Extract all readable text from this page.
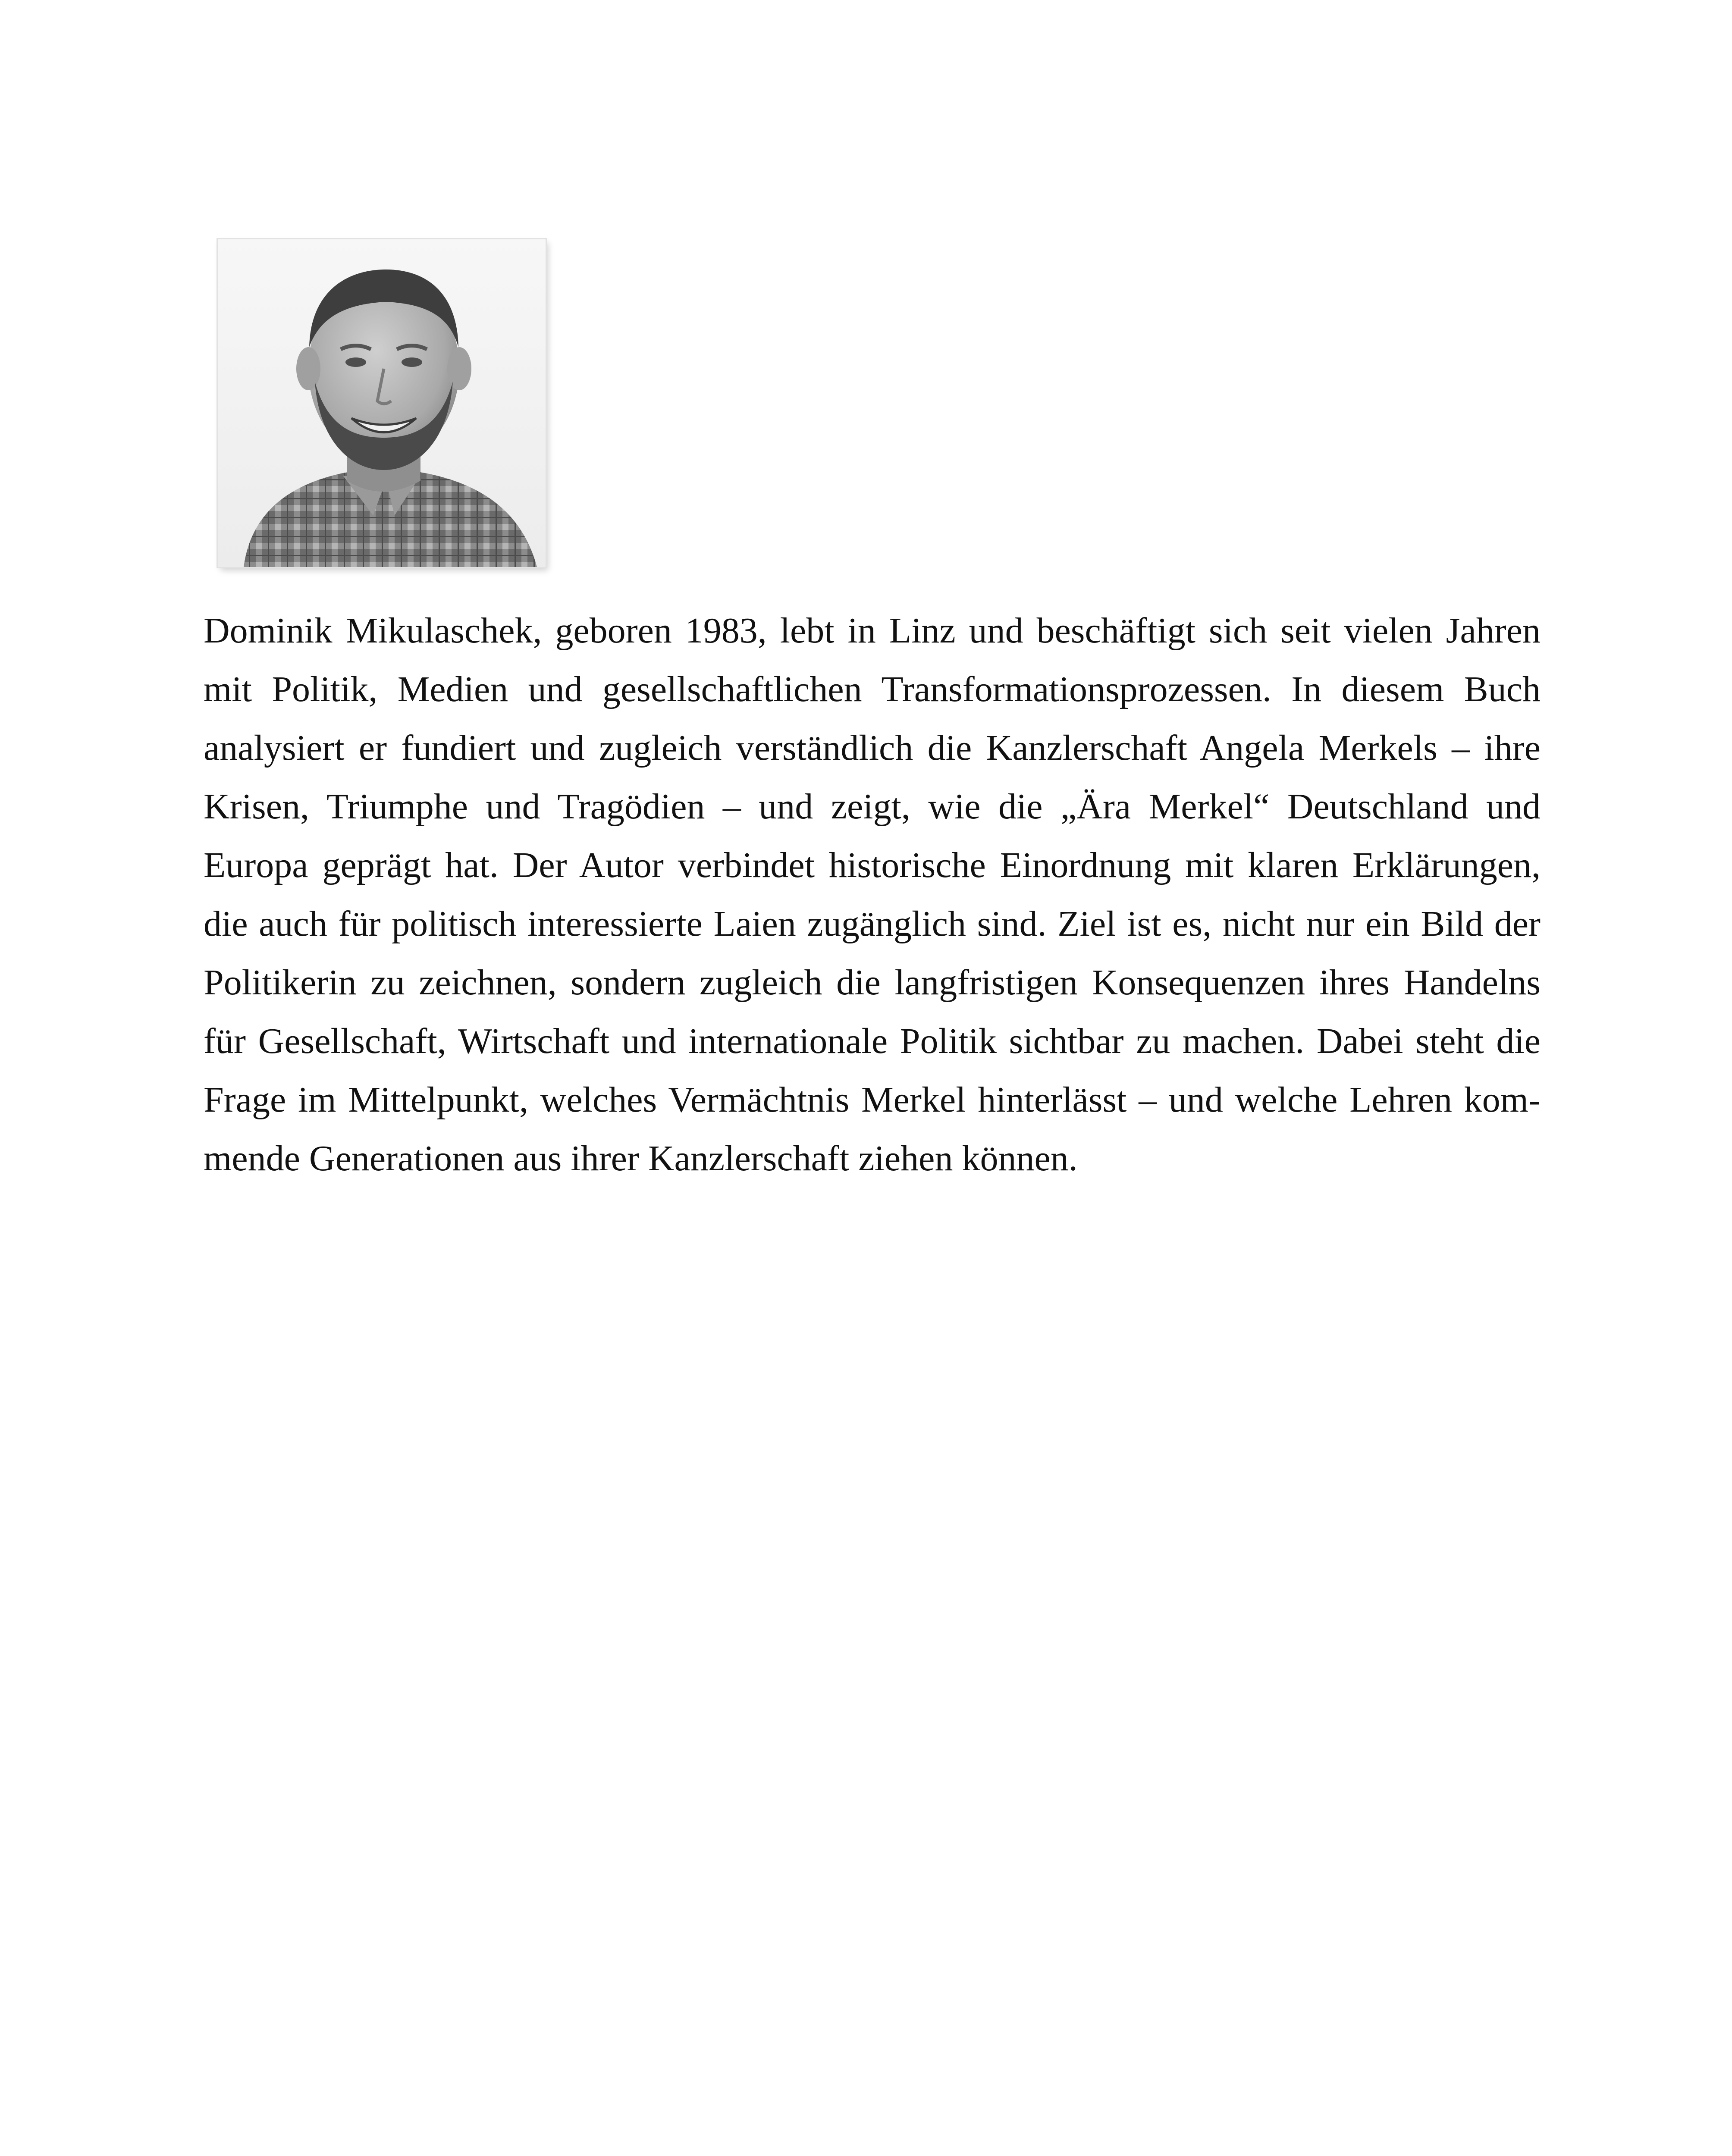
Dominik Mikulaschek, geboren 1983, lebt in Linz und beschäftigt sich seit vielen Jahren mit Politik, Medien und gesellschaftlichen Transformationsprozessen. In diesem Buch analysiert er fundiert und zugleich verständlich die Kanzlerschaft Angela Merkels – ihre Krisen, Triumphe und Tragödien – und zeigt, wie die „Ära Merkel“ Deutschland und Europa geprägt hat. Der Autor verbindet historische Einordnung mit klaren Erklärungen, die auch für politisch interessierte Laien zugänglich sind. Ziel ist es, nicht nur ein Bild der Politikerin zu zeichnen, sondern zugleich die langfristigen Konsequenzen ihres Handelns für Gesellschaft, Wirtschaft und internationale Politik sichtbar zu machen. Dabei steht die Frage im Mittelpunkt, welches Vermächtnis Merkel hinterlässt – und welche Lehren kommende Generationen aus ihrer Kanzlerschaft ziehen können.
